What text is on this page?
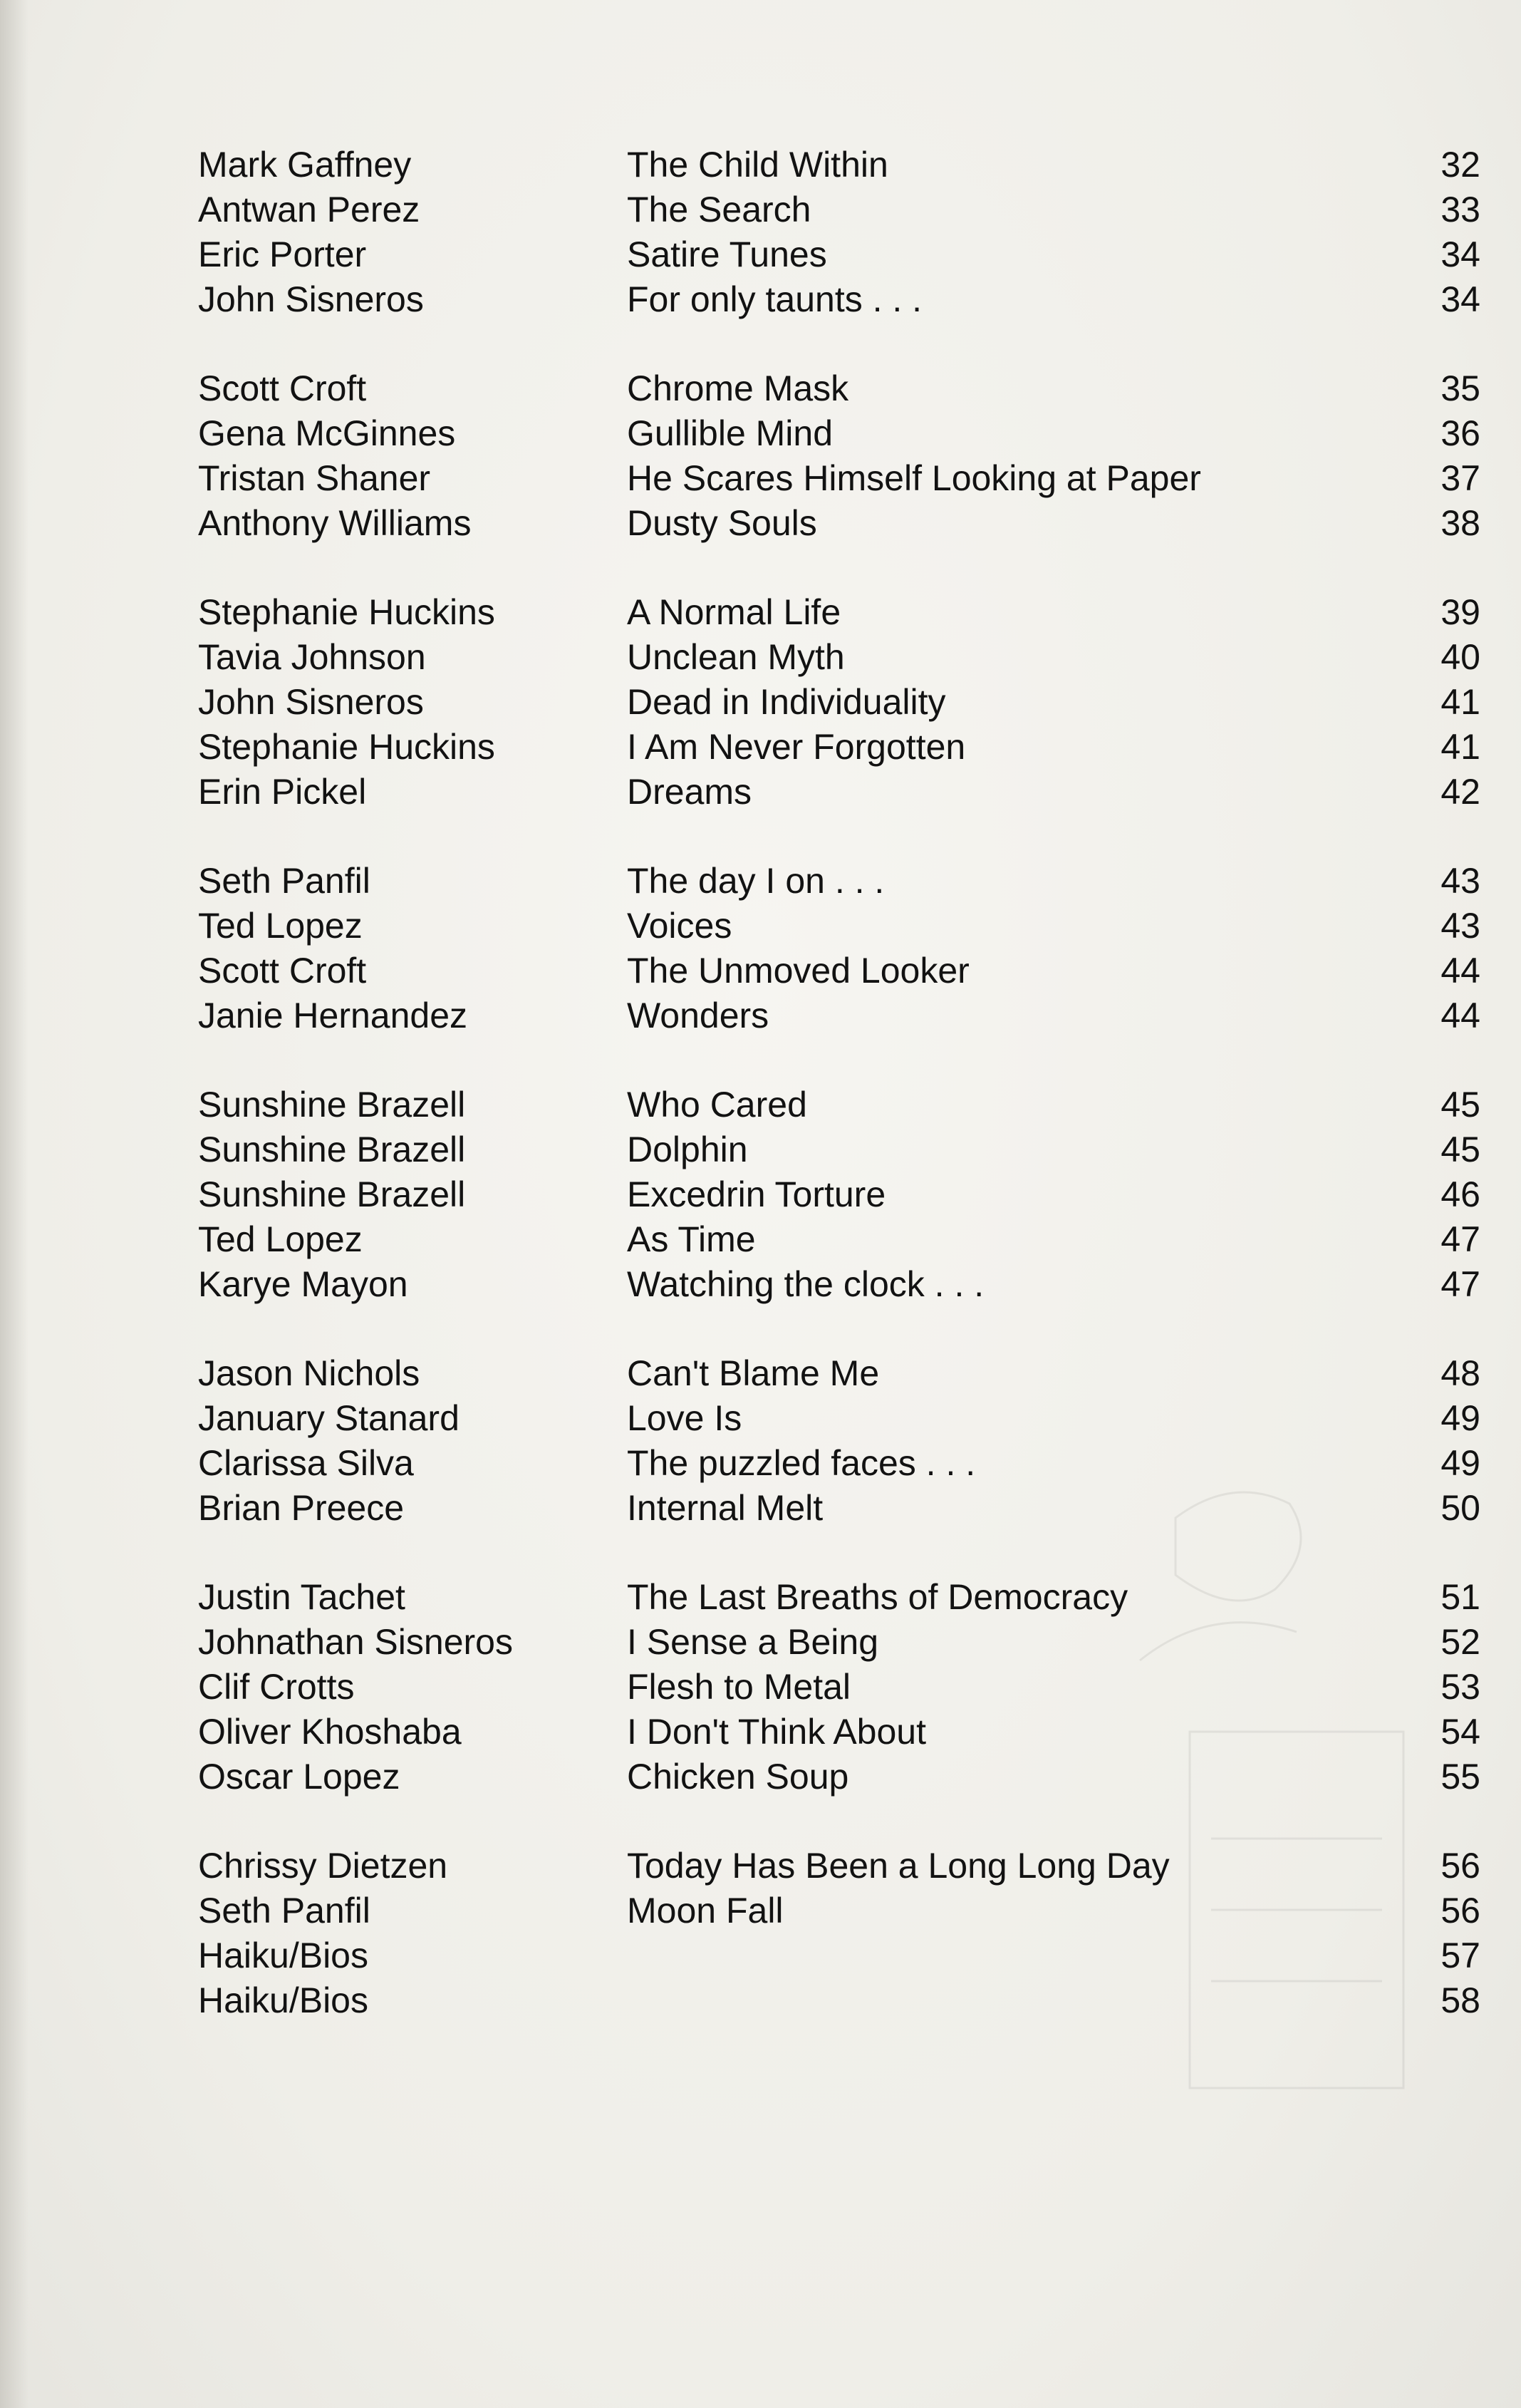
Mark Gaffney	The Child Within	32
Antwan Perez	The Search	33
Eric Porter	Satire Tunes	34
John Sisneros	For only taunts . . .	34
Scott Croft	Chrome Mask	35
Gena McGinnes	Gullible Mind	36
Tristan Shaner	He Scares Himself Looking at Paper	37
Anthony Williams	Dusty Souls	38
Stephanie Huckins	A Normal Life	39
Tavia Johnson	Unclean Myth	40
John Sisneros	Dead in Individuality	41
Stephanie Huckins	I Am Never Forgotten	41
Erin Pickel	Dreams	42
Seth Panfil	The day I on . . .	43
Ted Lopez	Voices	43
Scott Croft	The Unmoved Looker	44
Janie Hernandez	Wonders	44
Sunshine Brazell	Who Cared	45
Sunshine Brazell	Dolphin	45
Sunshine Brazell	Excedrin Torture	46
Ted Lopez	As Time	47
Karye Mayon	Watching the clock . . .	47
Jason Nichols	Can't Blame Me	48
January Stanard	Love Is	49
Clarissa Silva	The puzzled faces . . .	49
Brian Preece	Internal Melt	50
Justin Tachet	The Last Breaths of Democracy	51
Johnathan Sisneros	I Sense a Being	52
Clif Crotts	Flesh to Metal	53
Oliver Khoshaba	I Don't Think About	54
Oscar Lopez	Chicken Soup	55
Chrissy Dietzen	Today Has Been a Long Long Day	56
Seth Panfil	Moon Fall	56
Haiku/Bios	57
Haiku/Bios	58
